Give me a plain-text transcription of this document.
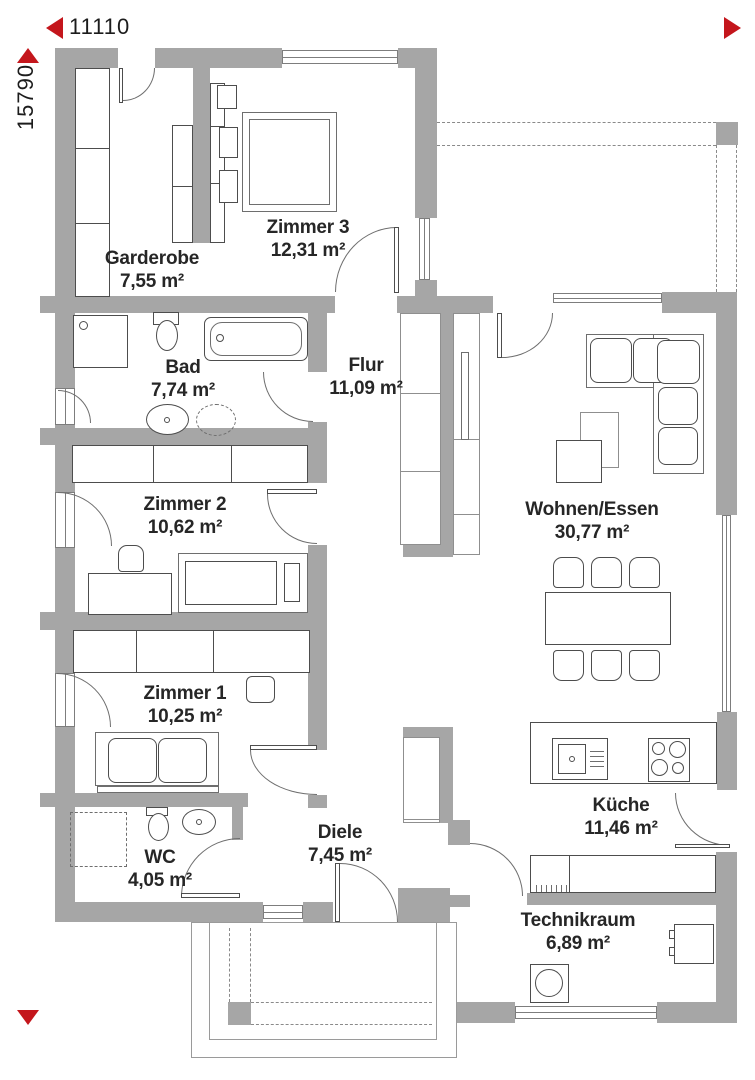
11110
15790
Garderobe
7,55 m²
Zimmer 3
12,31 m²
Bad
7,74 m²
Flur
11,09 m²
Zimmer 2
10,62 m²
Wohnen/Essen
30,77 m²
Zimmer 1
10,25 m²
Küche
11,46 m²
WC
4,05 m²
Diele
7,45 m²
Technikraum
6,89 m²
